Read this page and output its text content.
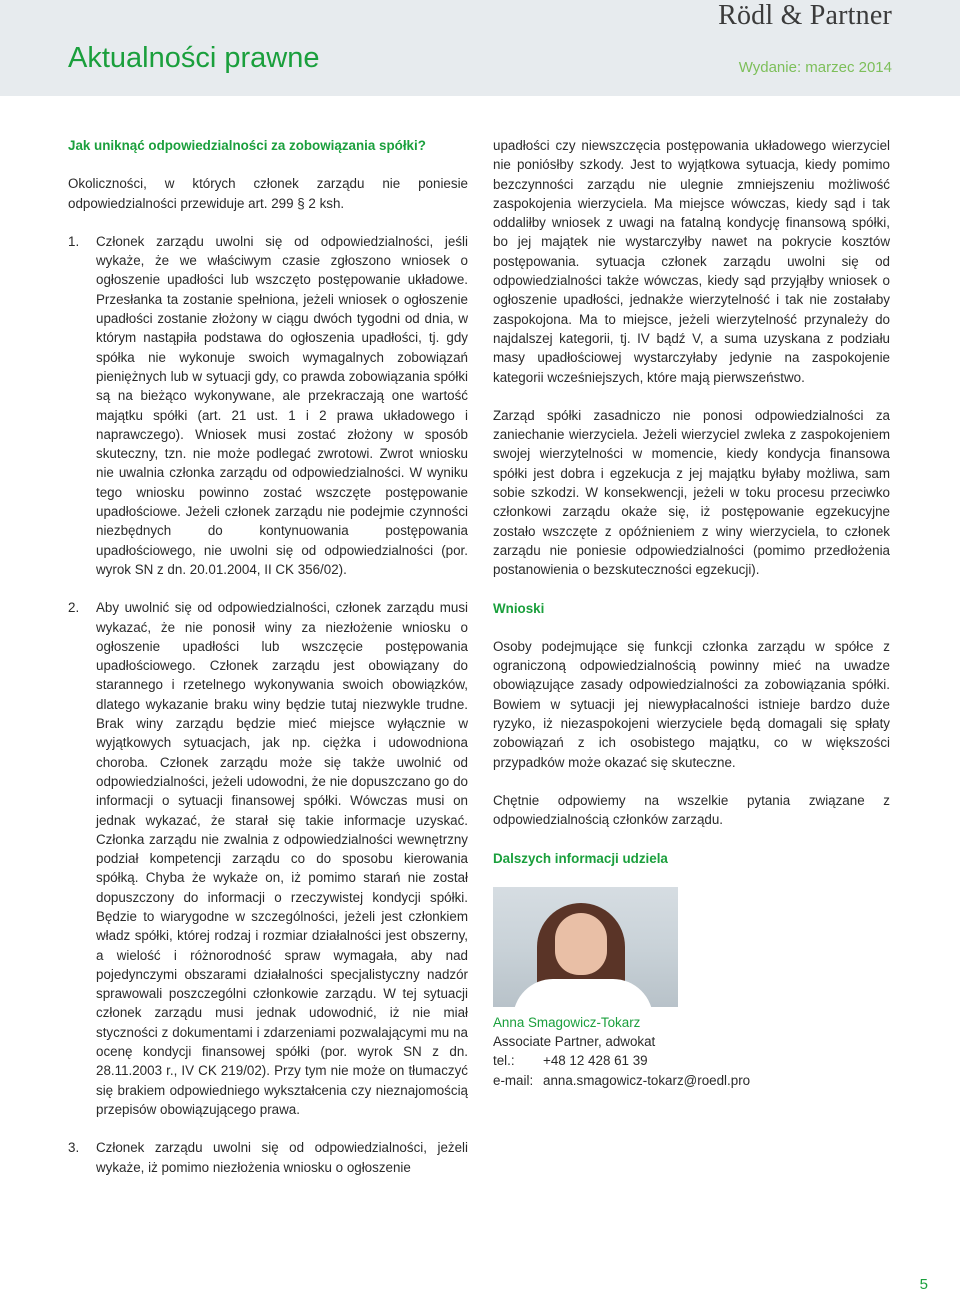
Rödl & Partner
Aktualności prawne	Wydanie: marzec 2014
Jak uniknąć odpowiedzialności za zobowiązania spółki?

Okoliczności, w których członek zarządu nie poniesie odpowiedzialności przewiduje art. 299 § 2 ksh.

1. Członek zarządu uwolni się od odpowiedzialności, jeśli wykaże, że we właściwym czasie zgłoszono wniosek o ogłoszenie upadłości lub wszczęto postępowanie układowe. Przesłanka ta zostanie spełniona, jeżeli wniosek o ogłoszenie upadłości zostanie złożony w ciągu dwóch tygodni od dnia, w którym nastąpiła podstawa do ogłoszenia upadłości, tj. gdy spółka nie wykonuje swoich wymagalnych zobowiązań pieniężnych lub w sytuacji gdy, co prawda zobowiązania spółki są na bieżąco wykonywane, ale przekraczają one wartość majątku spółki (art. 21 ust. 1 i 2 prawa układowego i naprawczego). Wniosek musi zostać złożony w sposób skuteczny, tzn. nie może podlegać zwrotowi. Zwrot wniosku nie uwalnia członka zarządu od odpowiedzialności. W wyniku tego wniosku powinno zostać wszczęte postępowanie upadłościowe. Jeżeli członek zarządu nie podejmie czynności niezbędnych do kontynuowania postępowania upadłościowego, nie uwolni się od odpowiedzialności (por. wyrok SN z dn. 20.01.2004, II CK 356/02).
2. Aby uwolnić się od odpowiedzialności, członek zarządu musi wykazać, że nie ponosił winy za niezłożenie wniosku o ogłoszenie upadłości lub wszczęcie postępowania upadłościowego. Członek zarządu jest obowiązany do starannego i rzetelnego wykonywania swoich obowiązków, dlatego wykazanie braku winy będzie tutaj niezwykle trudne. Brak winy zarządu będzie mieć miejsce wyłącznie w wyjątkowych sytuacjach, jak np. ciężka i udowodniona choroba. Członek zarządu może się także uwolnić od odpowiedzialności, jeżeli udowodni, że nie dopuszczano go do informacji o sytuacji finansowej spółki. Wówczas musi on jednak wykazać, że starał się takie informacje uzyskać. Członka zarządu nie zwalnia z odpowiedzialności wewnętrzny podział kompetencji zarządu co do sposobu kierowania spółką. Chyba że wykaże on, iż pomimo starań nie został dopuszczony do informacji o rzeczywistej kondycji spółki. Będzie to wiarygodne w szczególności, jeżeli jest członkiem władz spółki, której rodzaj i rozmiar działalności jest obszerny, a wielość i różnorodność spraw wymagała, aby nad pojedynczymi obszarami działalności specjalistyczny nadzór sprawowali poszczególni członkowie zarządu. W tej sytuacji członek zarządu musi jednak udowodnić, iż nie miał styczności z dokumentami i zdarzeniami pozwalającymi mu na ocenę kondycji finansowej spółki (por. wyrok SN z dn. 28.11.2003 r., IV CK 219/02). Przy tym nie może on tłumaczyć się brakiem odpowiedniego wykształcenia czy nieznajomością przepisów obowiązującego prawa.
3. Członek zarządu uwolni się od odpowiedzialności, jeżeli wykaże, iż pomimo niezłożenia wniosku o ogłoszenie

upadłości czy niewszczęcia postępowania układowego wierzyciel nie poniósłby szkody. Jest to wyjątkowa sytuacja, kiedy pomimo bezczynności zarządu nie ulegnie zmniejszeniu możliwość zaspokojenia wierzyciela. Ma miejsce wówczas, kiedy sąd i tak oddaliłby wniosek z uwagi na fatalną kondycję finansową spółki, bo jej majątek nie wystarczyłby nawet na pokrycie kosztów postępowania. sytuacja członek zarządu uwolni się od odpowiedzialności także wówczas, kiedy sąd przyjąłby wniosek o ogłoszenie upadłości, jednakże wierzytelność i tak nie zostałaby zaspokojona. Ma to miejsce, jeżeli wierzytelność przynależy do najdalszej kategorii, tj. IV bądź V, a suma uzyskana z podziału masy upadłościowej wystarczyłaby jedynie na zaspokojenie kategorii wcześniejszych, które mają pierwszeństwo.

Zarząd spółki zasadniczo nie ponosi odpowiedzialności za zaniechanie wierzyciela. Jeżeli wierzyciel zwleka z zaspokojeniem swojej wierzytelności w momencie, kiedy kondycja finansowa spółki jest dobra i egzekucja z jej majątku byłaby możliwa, sam sobie szkodzi. W konsekwencji, jeżeli w toku procesu przeciwko członkowi zarządu okaże się, iż postępowanie egzekucyjne zostało wszczęte z opóźnieniem z winy wierzyciela, to członek zarządu nie poniesie odpowiedzialności (pomimo przedłożenia postanowienia o bezskuteczności egzekucji).

Wnioski

Osoby podejmujące się funkcji członka zarządu w spółce z ograniczoną odpowiedzialnością powinny mieć na uwadze obowiązujące zasady odpowiedzialności za zobowiązania spółki. Bowiem w sytuacji jej niewypłacalności istnieje bardzo duże ryzyko, iż niezaspokojeni wierzyciele będą domagali się spłaty zobowiązań z ich osobistego majątku, co w większości przypadków może okazać się skuteczne.

Chętnie odpowiemy na wszelkie pytania związane z odpowiedzialnością członków zarządu.

Dalszych informacji udziela
Anna Smagowicz-Tokarz
Associate Partner, adwokat
tel.:	+48 12 428 61 39
e-mail: anna.smagowicz-tokarz@roedl.pro
5
